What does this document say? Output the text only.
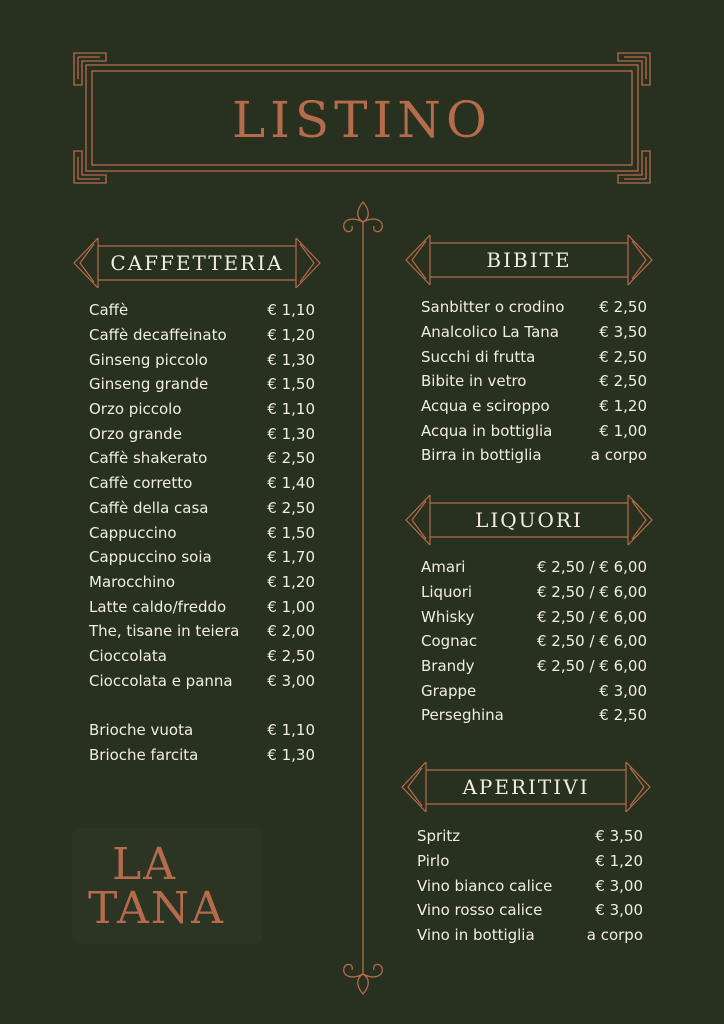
LISTINO
CAFFETTERIA	BIBITE
LIQUORI
APERITIVI
Caffè	€ 1,10
Caffè decaffeinato	€ 1,20
Ginseng piccolo	€ 1,30
Ginseng grande	€ 1,50
Orzo piccolo	€ 1,10
Orzo grande	€ 1,30
Caffè shakerato	€ 2,50
Caffè corretto	€ 1,40
Caffè della casa	€ 2,50
Cappuccino	€ 1,50
Cappuccino soia	€ 1,70
Marocchino	€ 1,20
Latte caldo/freddo	€ 1,00
The, tisane in teiera € 2,00
Cioccolata	€ 2,50
Cioccolata e panna € 3,00
Brioche vuota	€ 1,10
Brioche farcita	€ 1,30
Sanbitter o crodino € 2,50
Analcolico La Tana	€ 3,50
Succhi di frutta	€ 2,50
Bibite in vetro	€ 2,50
Acqua e sciroppo	€ 1,20
Acqua in bottiglia	€ 1,00
Birra in bottiglia	a corpo
Amari	€ 2,50 / € 6,00
Liquori	€ 2,50 / € 6,00
Whisky	€ 2,50 / € 6,00
Cognac	€ 2,50 / € 6,00
Brandy	€ 2,50 / € 6,00
Grappe	€ 3,00
Perseghina	€ 2,50
Spritz	€ 3,50
Pirlo	€ 1,20
Vino bianco calice	€ 3,00
Vino rosso calice	€ 3,00
Vino in bottiglia	a corpo
LA
TANA
